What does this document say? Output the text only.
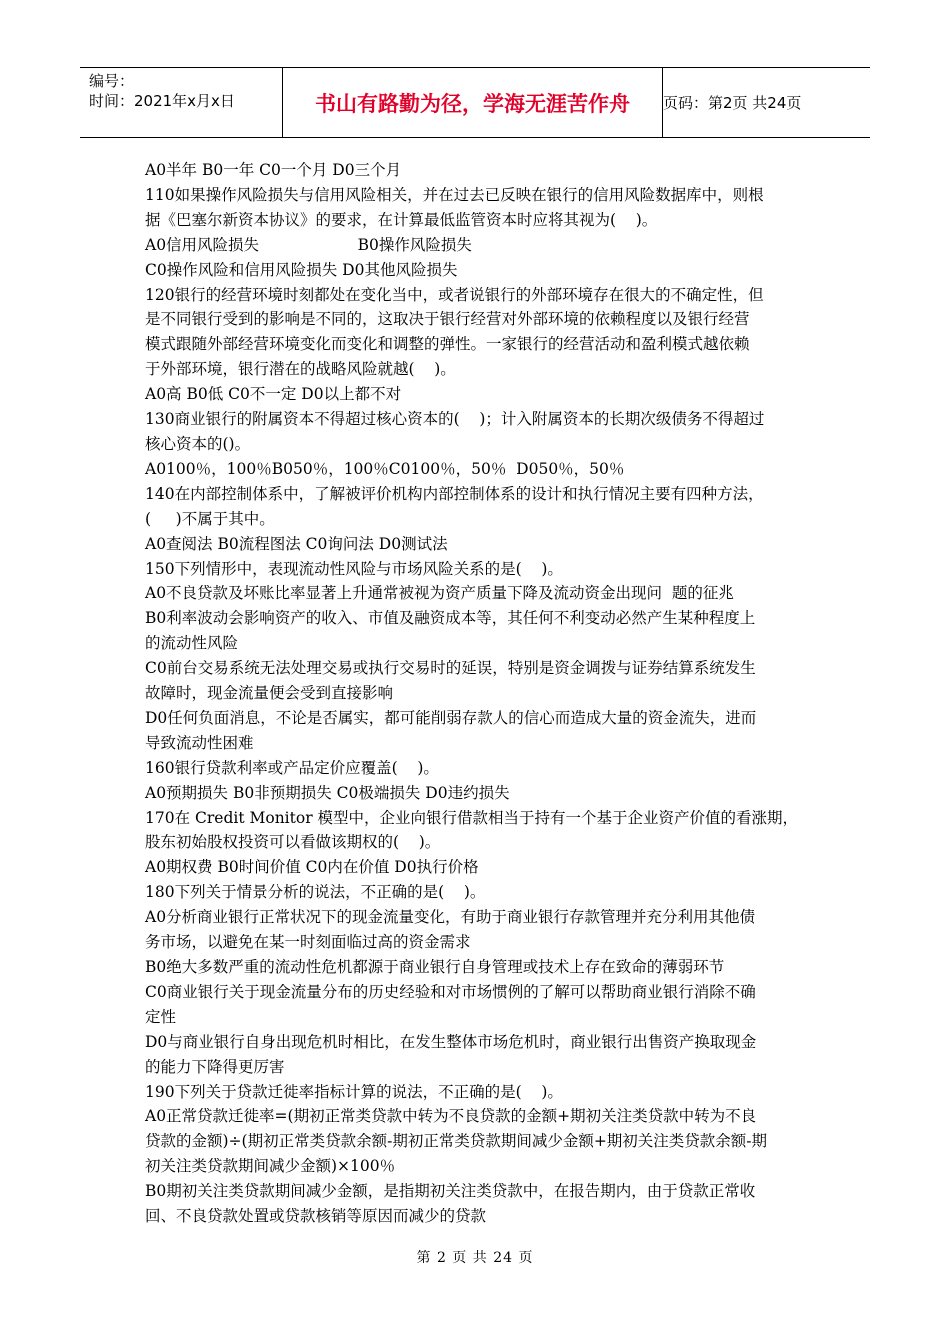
编号：
时间：2021年x月x日	书山有路勤为径，学海无涯苦作舟	页码：第2页 共24页

A0半年 B0一年 C0一个月 D0三个月

110如果操作风险损失与信用风险相关，并在过去已反映在银行的信用风险数据库中，则根

据《巴塞尔新资本协议》的要求，在计算最低监管资本时应将其视为(    )。

A0信用风险损失                    B0操作风险损失

C0操作风险和信用风险损失 D0其他风险损失

120银行的经营环境时刻都处在变化当中，或者说银行的外部环境存在很大的不确定性，但

是不同银行受到的影响是不同的，这取决于银行经营对外部环境的依赖程度以及银行经营

模式跟随外部经营环境变化而变化和调整的弹性。一家银行的经营活动和盈利模式越依赖

于外部环境，银行潜在的战略风险就越(    )。

A0高 B0低 C0不一定 D0以上都不对

130商业银行的附属资本不得超过核心资本的(    )；计入附属资本的长期次级债务不得超过

核心资本的()。

A0100％，100％B050％，100％C0100％，50％  D050％，50％

140在内部控制体系中，了解被评价机构内部控制体系的设计和执行情况主要有四种方法，

(     )不属于其中。

A0查阅法 B0流程图法 C0询问法 D0测试法

150下列情形中，表现流动性风险与市场风险关系的是(    )。

A0不良贷款及坏账比率显著上升通常被视为资产质量下降及流动资金出现问  题的征兆

B0利率波动会影响资产的收入、市值及融资成本等，其任何不利变动必然产生某种程度上

的流动性风险

C0前台交易系统无法处理交易或执行交易时的延误，特别是资金调拨与证券结算系统发生

故障时，现金流量便会受到直接影响

D0任何负面消息，不论是否属实，都可能削弱存款人的信心而造成大量的资金流失，进而

导致流动性困难

160银行贷款利率或产品定价应覆盖(    )。

A0预期损失 B0非预期损失 C0极端损失 D0违约损失

170在 Credit Monitor 模型中，企业向银行借款相当于持有一个基于企业资产价值的看涨期，

股东初始股权投资可以看做该期权的(    )。

A0期权费 B0时间价值 C0内在价值 D0执行价格

180下列关于情景分析的说法，不正确的是(    )。

A0分析商业银行正常状况下的现金流量变化，有助于商业银行存款管理并充分利用其他债

务市场，以避免在某一时刻面临过高的资金需求

B0绝大多数严重的流动性危机都源于商业银行自身管理或技术上存在致命的薄弱环节

C0商业银行关于现金流量分布的历史经验和对市场惯例的了解可以帮助商业银行消除不确

定性

D0与商业银行自身出现危机时相比，在发生整体市场危机时，商业银行出售资产换取现金

的能力下降得更厉害

190下列关于贷款迁徙率指标计算的说法，不正确的是(    )。

A0正常贷款迁徙率=(期初正常类贷款中转为不良贷款的金额+期初关注类贷款中转为不良

贷款的金额)÷(期初正常类贷款余额-期初正常类贷款期间减少金额+期初关注类贷款余额-期

初关注类贷款期间减少金额)×100％

B0期初关注类贷款期间减少金额，是指期初关注类贷款中，在报告期内，由于贷款正常收

回、不良贷款处置或贷款核销等原因而减少的贷款

第 2 页 共 24 页
